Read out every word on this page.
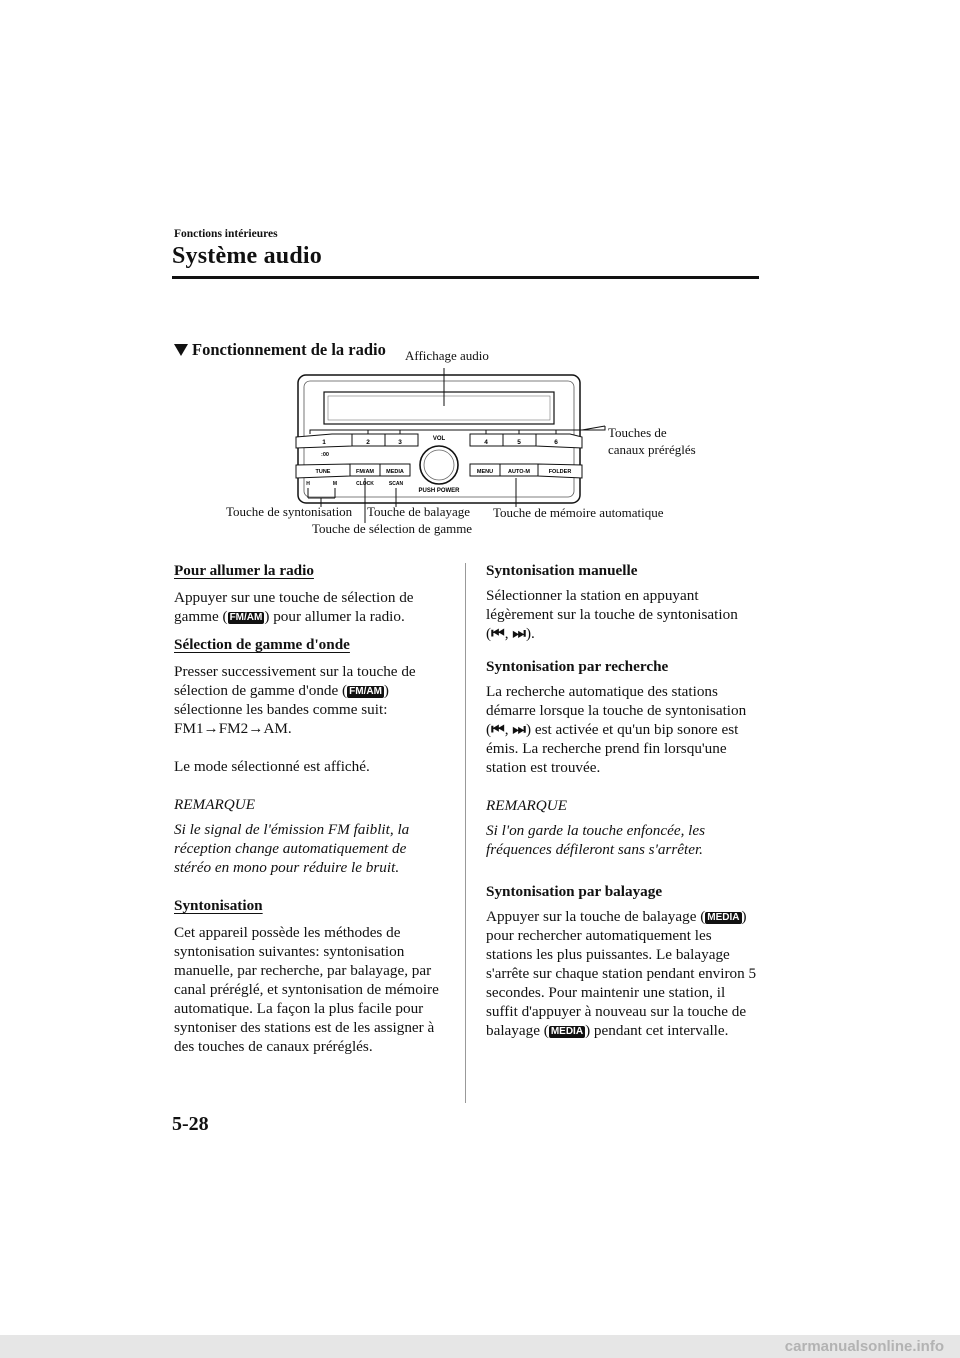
Fonctions intérieures
Système audio
Fonctionnement de la radio
1	2	3
:00
4	5	6
VOL
PUSH POWER
TUNE	FM/AM MEDIA
H	M	CLOCK	SCAN
MENU	AUTO-M	FOLDER
Affichage audio
Touches de
canaux préréglés
Touche de syntonisation Touche de balayage
Touche de sélection de gamme
Touche de mémoire automatique

Pour allumer la radio

Appuyer sur une touche de sélection de gamme ( FM/AM ) pour allumer la radio.

Sélection de gamme d'onde

Presser successivement sur la touche de sélection de gamme d'onde ( FM/AM ) sélectionne les bandes comme suit: FM1→FM2→AM.

Le mode sélectionné est affiché.

REMARQUE

Si le signal de l'émission FM faiblit, la réception change automatiquement de stéréo en mono pour réduire le bruit.

Syntonisation

Cet appareil possède les méthodes de syntonisation suivantes: syntonisation manuelle, par recherche, par balayage, par canal préréglé, et syntonisation de mémoire automatique. La façon la plus facile pour syntoniser des stations est de les assigner à des touches de canaux préréglés.

Syntonisation manuelle

Sélectionner la station en appuyant légèrement sur la touche de syntonisation (⏮, ⏭).

Syntonisation par recherche

La recherche automatique des stations démarre lorsque la touche de syntonisation (⏮, ⏭) est activée et qu'un bip sonore est émis. La recherche prend fin lorsqu'une station est trouvée.

REMARQUE

Si l'on garde la touche enfoncée, les fréquences défileront sans s'arrêter.

Syntonisation par balayage

Appuyer sur la touche de balayage ( MEDIA ) pour rechercher automatiquement les stations les plus puissantes. Le balayage s'arrête sur chaque station pendant environ 5 secondes. Pour maintenir une station, il suffit d'appuyer à nouveau sur la touche de balayage ( MEDIA ) pendant cet intervalle.

5-28
carmanualsonline.info
